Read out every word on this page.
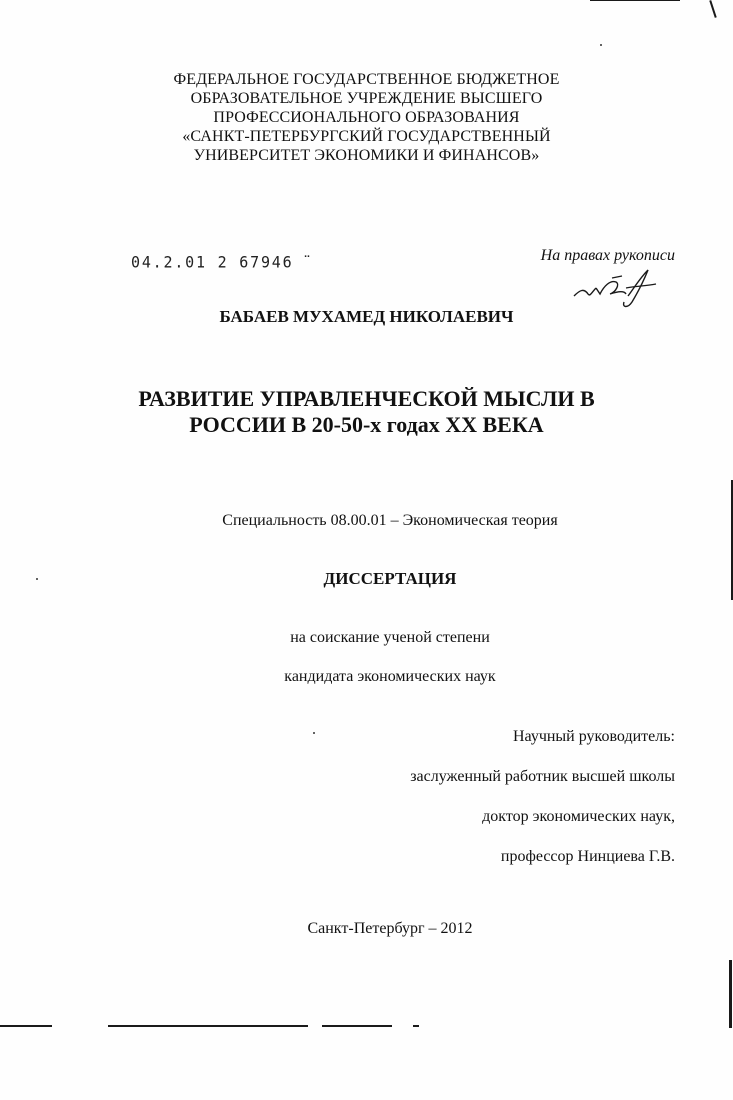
ФЕДЕРАЛЬНОЕ ГОСУДАРСТВЕННОЕ БЮДЖЕТНОЕ
ОБРАЗОВАТЕЛЬНОЕ УЧРЕЖДЕНИЕ ВЫСШЕГО
ПРОФЕССИОНАЛЬНОГО ОБРАЗОВАНИЯ
«САНКТ-ПЕТЕРБУРГСКИЙ ГОСУДАРСТВЕННЫЙ
УНИВЕРСИТЕТ ЭКОНОМИКИ И ФИНАНСОВ»
04.2.01 2 67946 ̈	На правах рукописи
БАБАЕВ МУХАМЕД НИКОЛАЕВИЧ
РАЗВИТИЕ УПРАВЛЕНЧЕСКОЙ МЫСЛИ В
РОССИИ В 20-50-х годах XX ВЕКА
Специальность 08.00.01 – Экономическая теория
ДИССЕРТАЦИЯ
на соискание ученой степени
кандидата экономических наук
Научный руководитель:
заслуженный работник высшей школы
доктор экономических наук,
профессор Нинциева Г.В.
Санкт-Петербург – 2012
